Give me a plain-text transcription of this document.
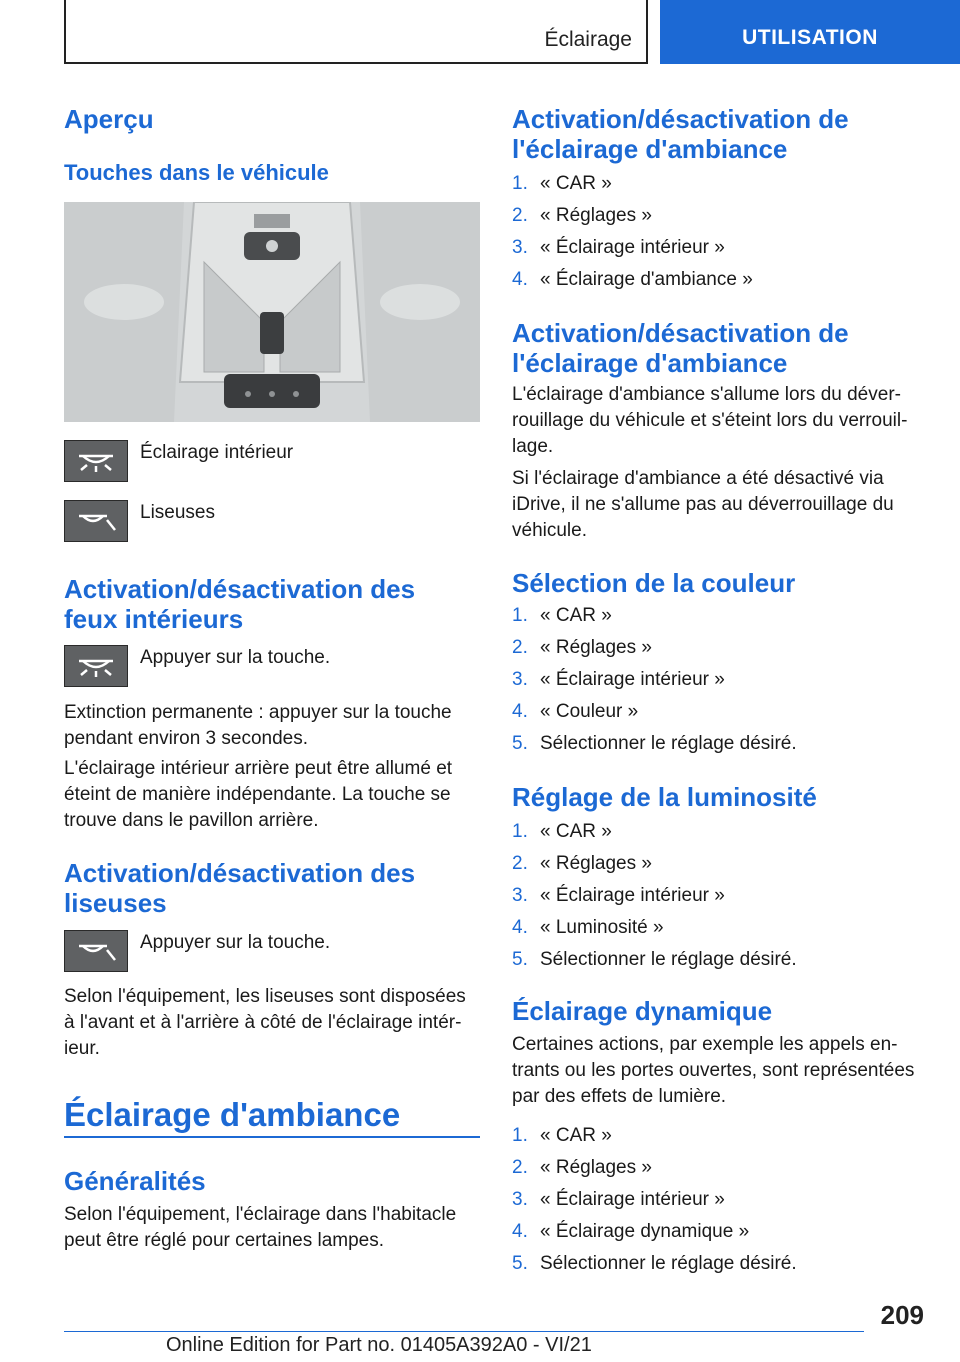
Éclairage	UTILISATION
Aperçu
Touches dans le véhicule

Éclairage intérieur

Liseuses

Activation/désactivation des feux intérieurs

Appuyer sur la touche.

Extinction permanente : appuyer sur la touche pendant environ 3 secondes.

L'éclairage intérieur arrière peut être allumé et éteint de manière indépendante. La touche se trouve dans le pavillon arrière.

Activation/désactivation des liseuses

Appuyer sur la touche.

Selon l'équipement, les liseuses sont disposées à l'avant et à l'arrière à côté de l'éclairage intérieur.

Éclairage d'ambiance
Généralités

Selon l'équipement, l'éclairage dans l'habitacle peut être réglé pour certaines lampes.

Activation/désactivation de l'éclairage d'ambiance
1. « CAR »
2. « Réglages »
3. « Éclairage intérieur »
4. « Éclairage d'ambiance »
Activation/désactivation de l'éclairage d'ambiance

L'éclairage d'ambiance s'allume lors du déverrouillage du véhicule et s'éteint lors du verrouillage.

Si l'éclairage d'ambiance a été désactivé via iDrive, il ne s'allume pas au déverrouillage du véhicule.

Sélection de la couleur
1. « CAR »
2. « Réglages »
3. « Éclairage intérieur »
4. « Couleur »
5. Sélectionner le réglage désiré.
Réglage de la luminosité
1. « CAR »
2. « Réglages »
3. « Éclairage intérieur »
4. « Luminosité »
5. Sélectionner le réglage désiré.
Éclairage dynamique

Certaines actions, par exemple les appels entrants ou les portes ouvertes, sont représentées par des effets de lumière.

1. « CAR »
2. « Réglages »
3. « Éclairage intérieur »
4. « Éclairage dynamique »
5. Sélectionner le réglage désiré.
209
Online Edition for Part no. 01405A392A0 - VI/21
